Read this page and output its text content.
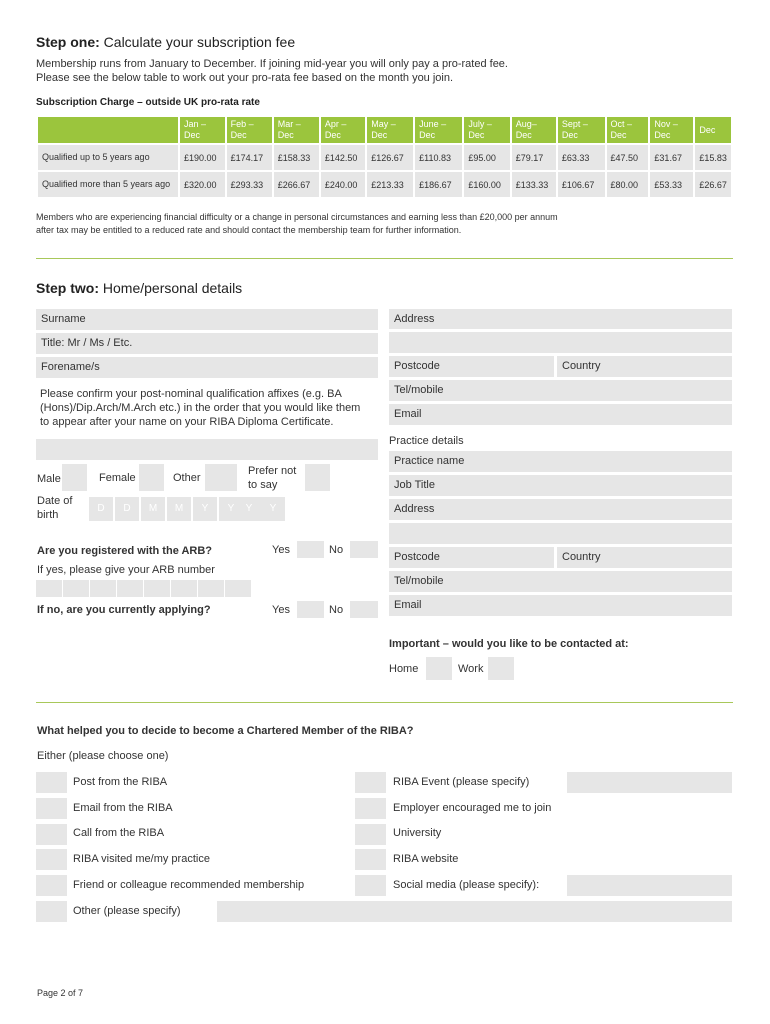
Step one: Calculate your subscription fee
Membership runs from January to December. If joining mid-year you will only pay a pro-rated fee.
Please see the below table to work out your pro-rata fee based on the month you join.
Subscription Charge – outside UK pro-rata rate
	Jan – Dec	Feb – Dec	Mar – Dec	Apr – Dec	May – Dec	June – Dec	July – Dec	Aug– Dec	Sept – Dec	Oct – Dec	Nov – Dec	Dec
Qualified up to 5 years ago	£190.00	£174.17	£158.33	£142.50	£126.67	£110.83	£95.00	£79.17	£63.33	£47.50	£31.67	£15.83
Qualified more than 5 years ago	£320.00	£293.33	£266.67	£240.00	£213.33	£186.67	£160.00	£133.33	£106.67	£80.00	£53.33	£26.67
Members who are experiencing financial difficulty or a change in personal circumstances and earning less than £20,000 per annum
after tax may be entitled to a reduced rate and should contact the membership team for further information.
Step two: Home/personal details
Surname
Title: Mr / Ms / Etc.
Forename/s
Please confirm your post-nominal qualification affixes (e.g. BA
(Hons)/Dip.Arch/M.Arch etc.) in the order that you would like them
to appear after your name on your RIBA Diploma Certificate.
Male	Female	Other
Prefer not
to say
Date of
birth
D	D	M	M	Y	Y	Y	Y
Are you registered with the ARB?	Yes	No
If yes, please give your ARB number
If no, are you currently applying?	Yes	No
Address
Postcode	Country
Tel/mobile
Email
Practice details
Practice name
Job Title
Address
Postcode	Country
Tel/mobile
Email
Important – would you like to be contacted at:
Home	Work
What helped you to decide to become a Chartered Member of the RIBA?
Either (please choose one)
Post from the RIBA
Email from the RIBA
Call from the RIBA
RIBA visited me/my practice
Friend or colleague recommended membership
Other (please specify)
RIBA Event (please specify)
Employer encouraged me to join
University
RIBA website
Social media (please specify):
Page 2 of 7
